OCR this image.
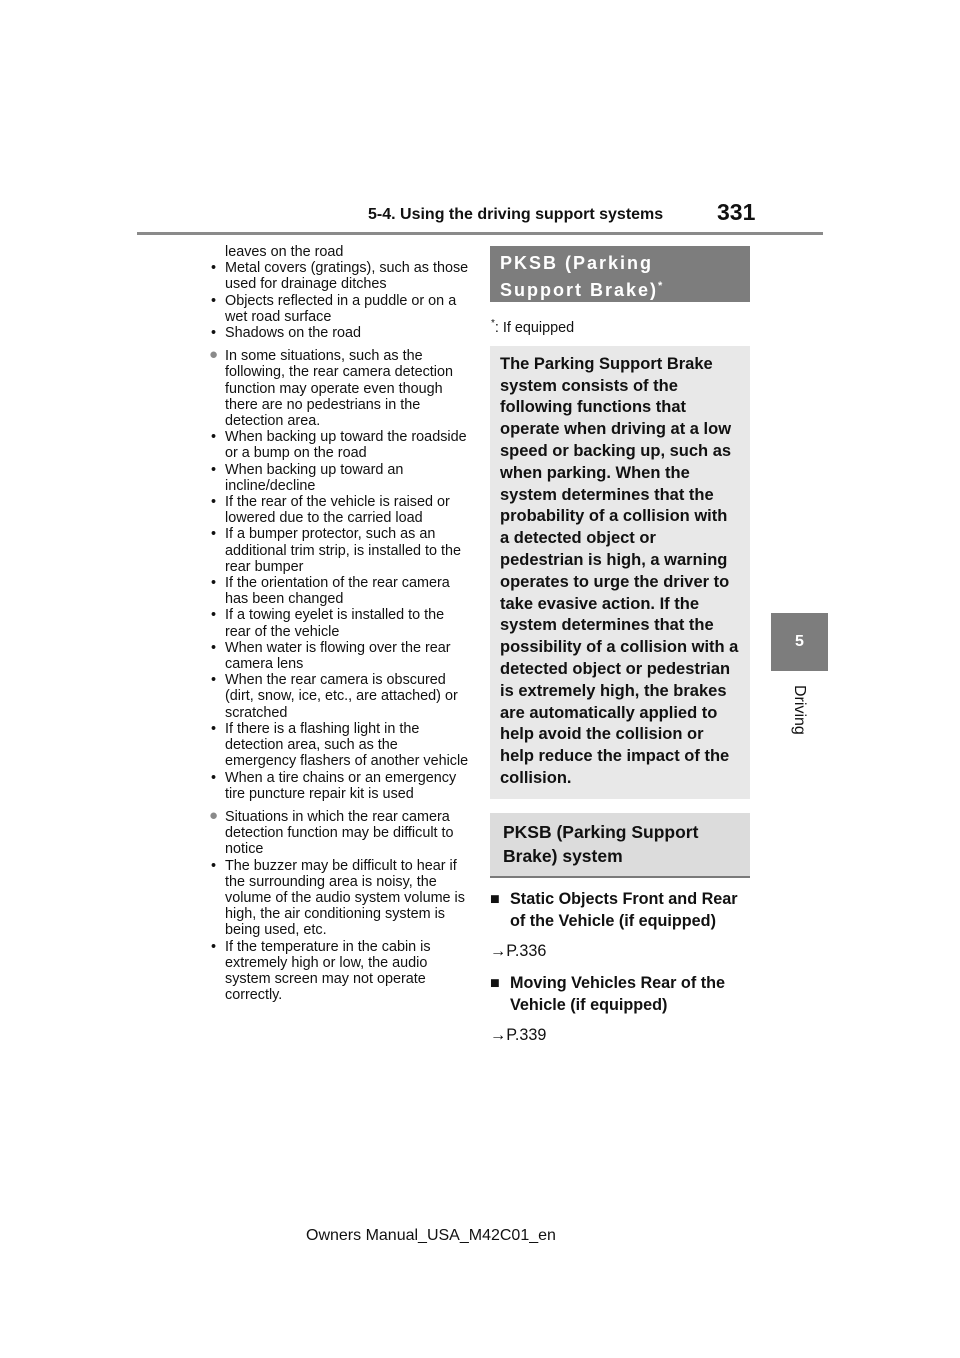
5-4. Using the driving support systems 331
5
Driving
leaves on the road
• Metal covers (gratings), such as those used for drainage ditches
• Objects reflected in a puddle or on a wet road surface
• Shadows on the road
● In some situations, such as the following, the rear camera detection function may operate even though there are no pedestrians in the detection area.
• When backing up toward the roadside or a bump on the road
• When backing up toward an incline/decline
• If the rear of the vehicle is raised or lowered due to the carried load
• If a bumper protector, such as an additional trim strip, is installed to the rear bumper
• If the orientation of the rear camera has been changed
• If a towing eyelet is installed to the rear of the vehicle
• When water is flowing over the rear camera lens
• When the rear camera is obscured (dirt, snow, ice, etc., are attached) or scratched
• If there is a flashing light in the detection area, such as the emergency flashers of another vehicle
• When a tire chains or an emergency tire puncture repair kit is used
● Situations in which the rear camera detection function may be difficult to notice
• The buzzer may be difficult to hear if the surrounding area is noisy, the volume of the audio system volume is high, the air conditioning system is being used, etc.
• If the temperature in the cabin is extremely high or low, the audio system screen may not operate correctly.
PKSB (Parking Support Brake)*
*: If equipped
The Parking Support Brake system consists of the following functions that operate when driving at a low speed or backing up, such as when parking. When the system determines that the probability of a collision with a detected object or pedestrian is high, a warning operates to urge the driver to take evasive action. If the system determines that the possibility of a collision with a detected object or pedestrian is extremely high, the brakes are automatically applied to help avoid the collision or help reduce the impact of the collision.
PKSB (Parking Support Brake) system
■ Static Objects Front and Rear of the Vehicle (if equipped)
→P.336
■ Moving Vehicles Rear of the Vehicle (if equipped)
→P.339
Owners Manual_USA_M42C01_en
